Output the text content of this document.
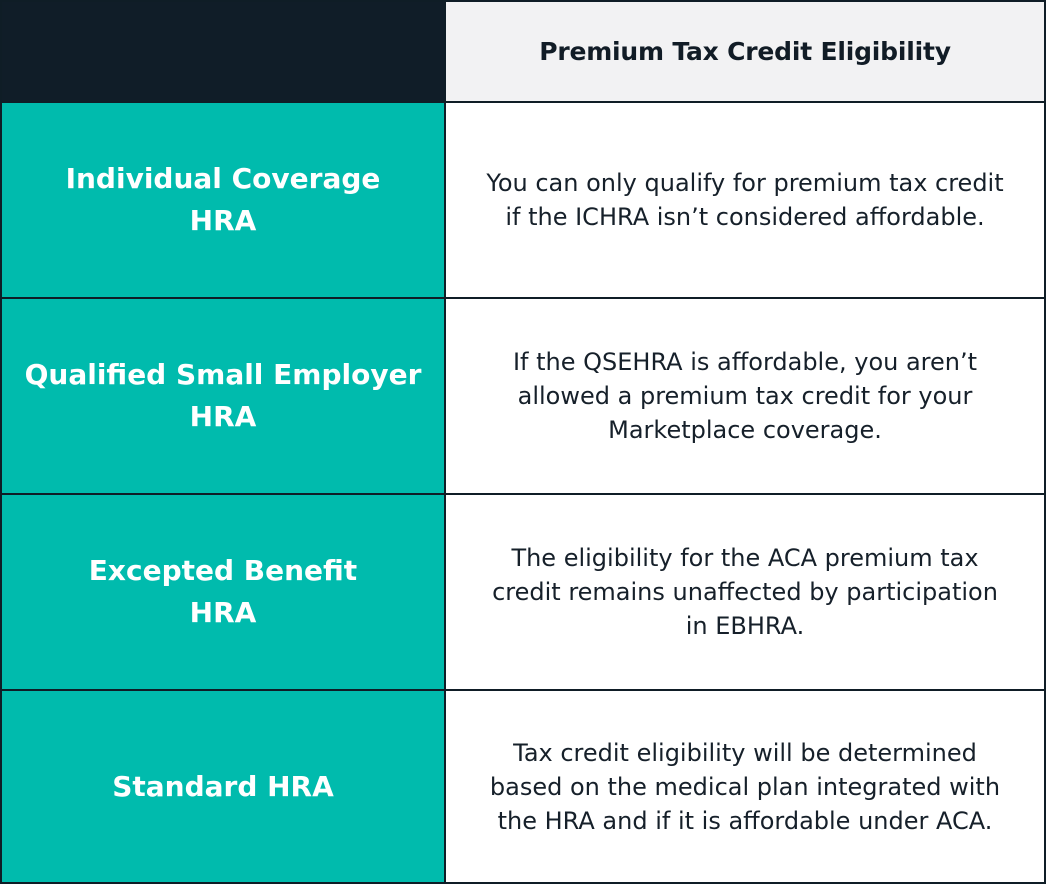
Premium Tax Credit Eligibility
Individual Coverage
HRA
You can only qualify for premium tax credit
if the ICHRA isn’t considered affordable.
Qualified Small Employer
HRA
If the QSEHRA is affordable, you aren’t
allowed a premium tax credit for your
Marketplace coverage.
Excepted Benefit
HRA
The eligibility for the ACA premium tax
credit remains unaffected by participation
in EBHRA.
Standard HRA
Tax credit eligibility will be determined
based on the medical plan integrated with
the HRA and if it is affordable under ACA.
